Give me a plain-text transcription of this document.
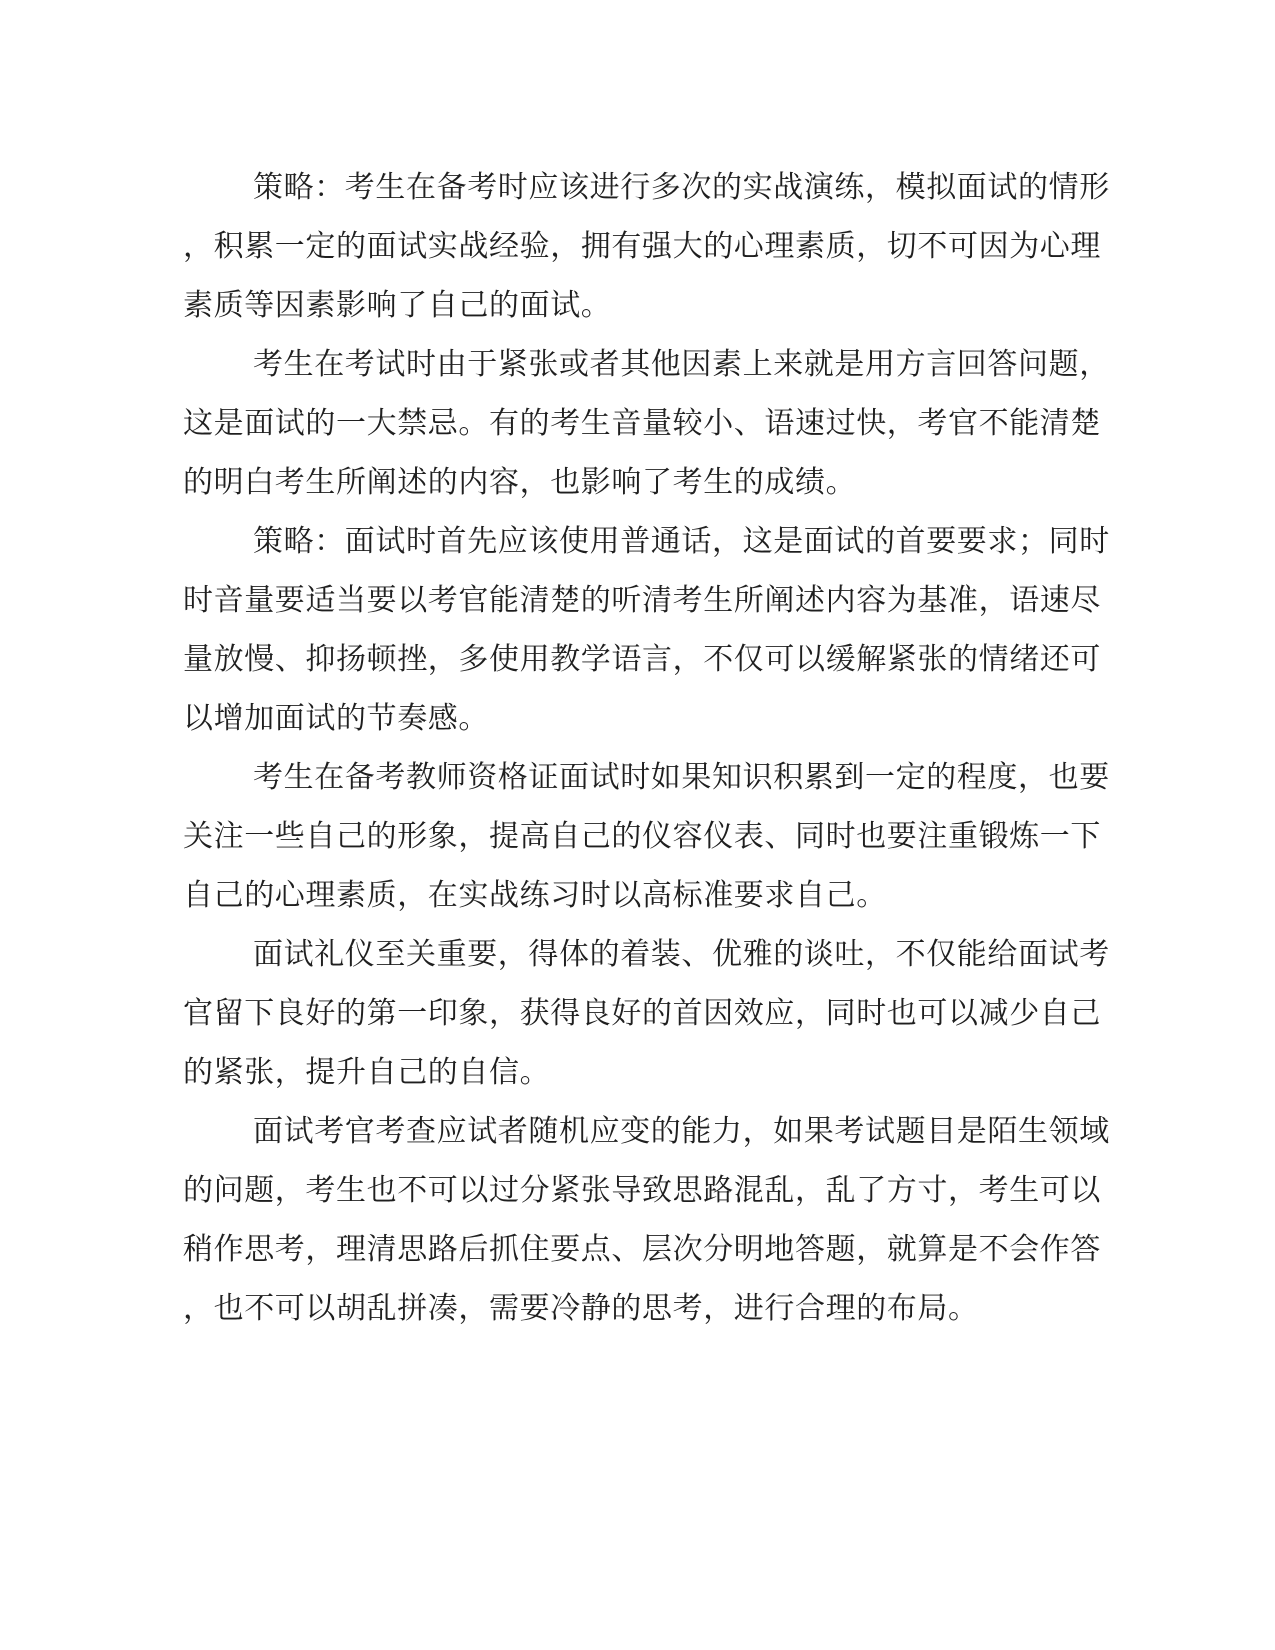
策略：考生在备考时应该进行多次的实战演练，模拟面试的情形
，积累一定的面试实战经验，拥有强大的心理素质，切不可因为心理
素质等因素影响了自己的面试。
考生在考试时由于紧张或者其他因素上来就是用方言回答问题，
这是面试的一大禁忌。有的考生音量较小、语速过快，考官不能清楚
的明白考生所阐述的内容，也影响了考生的成绩。
策略：面试时首先应该使用普通话，这是面试的首要要求；同时
时音量要适当要以考官能清楚的听清考生所阐述内容为基准，语速尽
量放慢、抑扬顿挫，多使用教学语言，不仅可以缓解紧张的情绪还可
以增加面试的节奏感。
考生在备考教师资格证面试时如果知识积累到一定的程度，也要
关注一些自己的形象，提高自己的仪容仪表、同时也要注重锻炼一下
自己的心理素质，在实战练习时以高标准要求自己。
面试礼仪至关重要，得体的着装、优雅的谈吐，不仅能给面试考
官留下良好的第一印象，获得良好的首因效应，同时也可以减少自己
的紧张，提升自己的自信。
面试考官考查应试者随机应变的能力，如果考试题目是陌生领域
的问题，考生也不可以过分紧张导致思路混乱，乱了方寸，考生可以
稍作思考，理清思路后抓住要点、层次分明地答题，就算是不会作答
，也不可以胡乱拼凑，需要冷静的思考，进行合理的布局。
